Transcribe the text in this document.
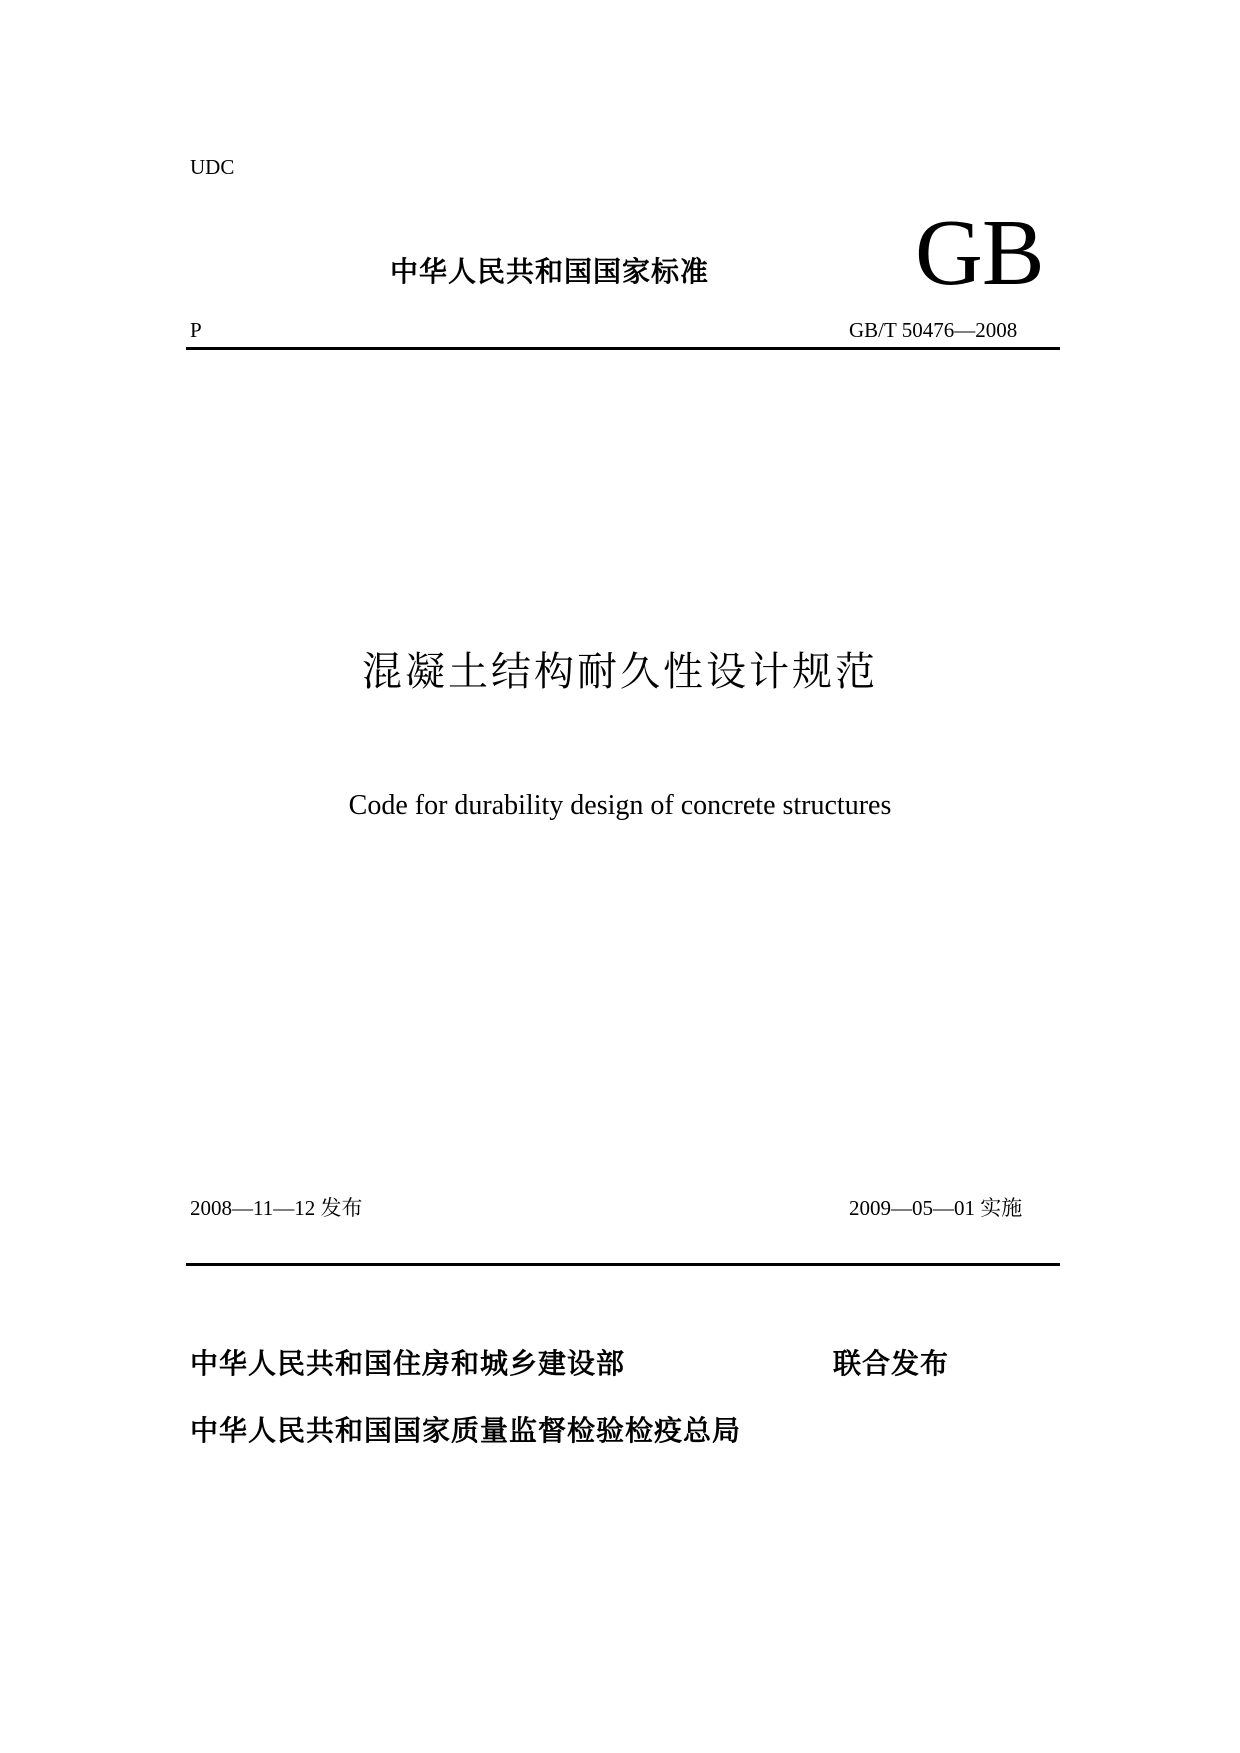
UDC
GB
中华人民共和国国家标准
P	GB/T 50476—2008
混凝土结构耐久性设计规范
Code for durability design of concrete structures
2008—11—12 发布	2009—05—01 实施
中华人民共和国住房和城乡建设部	联合发布
中华人民共和国国家质量监督检验检疫总局
